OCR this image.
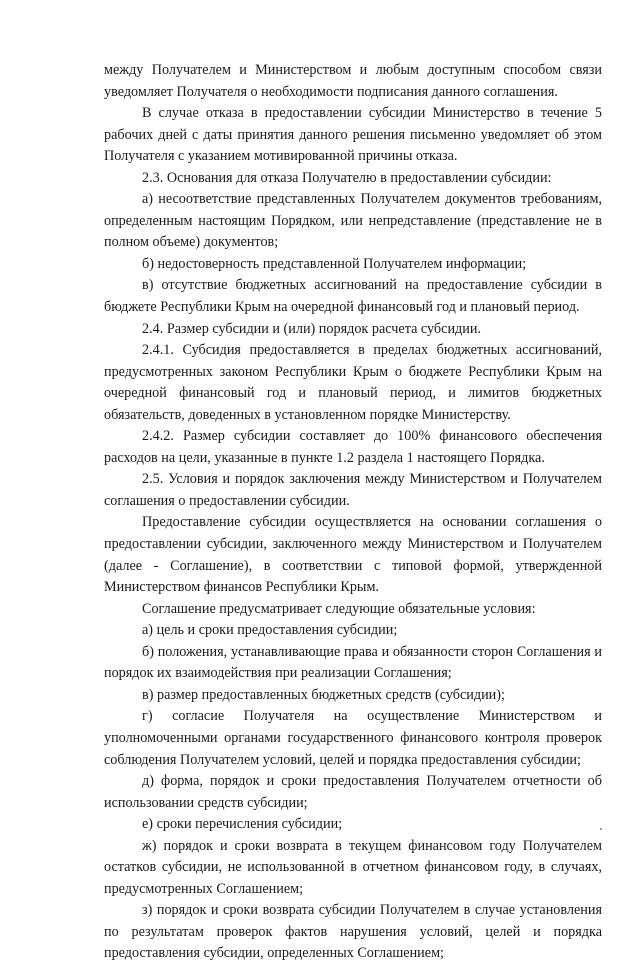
между Получателем и Министерством и любым доступным способом связи уведомляет Получателя о необходимости подписания данного соглашения.

В случае отказа в предоставлении субсидии Министерство в течение 5 рабочих дней с даты принятия данного решения письменно уведомляет об этом Получателя с указанием мотивированной причины отказа.

2.3. Основания для отказа Получателю в предоставлении субсидии:

а) несоответствие представленных Получателем документов требованиям, определенным настоящим Порядком, или непредставление (представление не в полном объеме) документов;

б) недостоверность представленной Получателем информации;

в) отсутствие бюджетных ассигнований на предоставление субсидии в бюджете Республики Крым на очередной финансовый год и плановый период.

2.4. Размер субсидии и (или) порядок расчета субсидии.

2.4.1. Субсидия предоставляется в пределах бюджетных ассигнований, предусмотренных законом Республики Крым о бюджете Республики Крым на очередной финансовый год и плановый период, и лимитов бюджетных обязательств, доведенных в установленном порядке Министерству.

2.4.2. Размер субсидии составляет до 100% финансового обеспечения расходов на цели, указанные в пункте 1.2 раздела 1 настоящего Порядка.

2.5. Условия и порядок заключения между Министерством и Получателем соглашения о предоставлении субсидии.

Предоставление субсидии осуществляется на основании соглашения о предоставлении субсидии, заключенного между Министерством и Получателем (далее - Соглашение), в соответствии с типовой формой, утвержденной Министерством финансов Республики Крым.

Соглашение предусматривает следующие обязательные условия:

а) цель и сроки предоставления субсидии;

б) положения, устанавливающие права и обязанности сторон Соглашения и порядок их взаимодействия при реализации Соглашения;

в) размер предоставленных бюджетных средств (субсидии);

г) согласие Получателя на осуществление Министерством и уполномоченными органами государственного финансового контроля проверок соблюдения Получателем условий, целей и порядка предоставления субсидии;

д) форма, порядок и сроки предоставления Получателем отчетности об использовании средств субсидии;

е) сроки перечисления субсидии;

ж) порядок и сроки возврата в текущем финансовом году Получателем остатков субсидии, не использованной в отчетном финансовом году, в случаях, предусмотренных Соглашением;

з) порядок и сроки возврата субсидии Получателем в случае установления по результатам проверок фактов нарушения условий, целей и порядка предоставления субсидии, определенных Соглашением;
